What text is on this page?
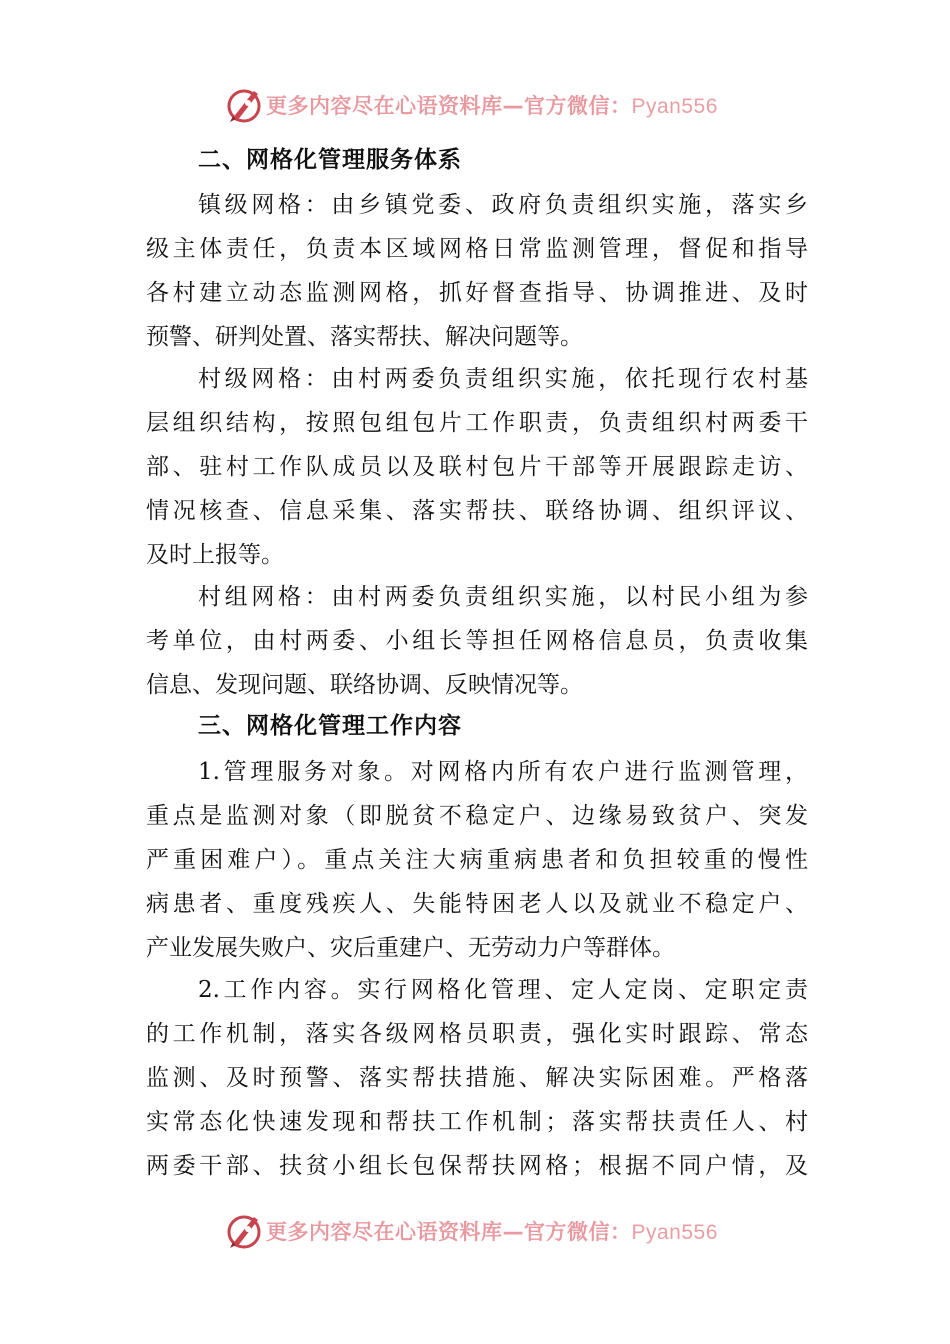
更多内容尽在心语资料库—官方微信：Pyan556
二、网格化管理服务体系
镇级网格：由乡镇党委、政府负责组织实施，落实乡
级主体责任，负责本区域网格日常监测管理，督促和指导
各村建立动态监测网格，抓好督查指导、协调推进、及时
预警、研判处置、落实帮扶、解决问题等。
村级网格：由村两委负责组织实施，依托现行农村基
层组织结构，按照包组包片工作职责，负责组织村两委干
部、驻村工作队成员以及联村包片干部等开展跟踪走访、
情况核查、信息采集、落实帮扶、联络协调、组织评议、
及时上报等。
村组网格：由村两委负责组织实施，以村民小组为参
考单位，由村两委、小组长等担任网格信息员，负责收集
信息、发现问题、联络协调、反映情况等。
三、网格化管理工作内容
1.管理服务对象。对网格内所有农户进行监测管理，
重点是监测对象（即脱贫不稳定户、边缘易致贫户、突发
严重困难户）。重点关注大病重病患者和负担较重的慢性
病患者、重度残疾人、失能特困老人以及就业不稳定户、
产业发展失败户、灾后重建户、无劳动力户等群体。
2.工作内容。实行网格化管理、定人定岗、定职定责
的工作机制，落实各级网格员职责，强化实时跟踪、常态
监测、及时预警、落实帮扶措施、解决实际困难。严格落
实常态化快速发现和帮扶工作机制；落实帮扶责任人、村
两委干部、扶贫小组长包保帮扶网格；根据不同户情，及
更多内容尽在心语资料库—官方微信：Pyan556
